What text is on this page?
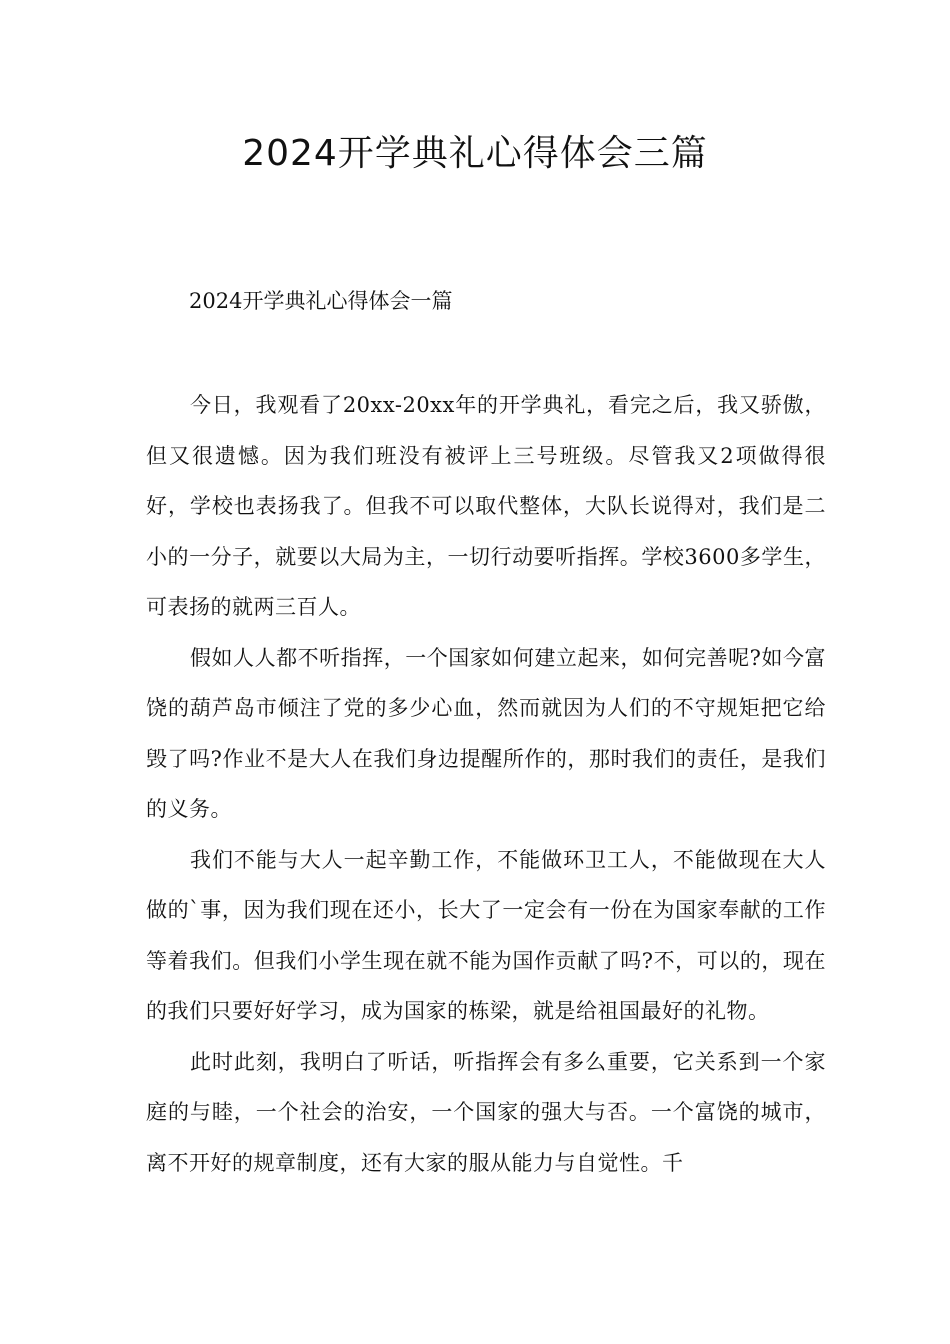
2024开学典礼心得体会三篇
2024开学典礼心得体会一篇

今日，我观看了20xx-20xx年的开学典礼，看完之后，我又骄傲，但又很遗憾。因为我们班没有被评上三号班级。尽管我又2项做得很好，学校也表扬我了。但我不可以取代整体，大队长说得对，我们是二小的一分子，就要以大局为主，一切行动要听指挥。学校3600多学生，可表扬的就两三百人。

假如人人都不听指挥，一个国家如何建立起来，如何完善呢?如今富饶的葫芦岛市倾注了党的多少心血，然而就因为人们的不守规矩把它给毁了吗?作业不是大人在我们身边提醒所作的，那时我们的责任，是我们的义务。

我们不能与大人一起辛勤工作，不能做环卫工人，不能做现在大人做的`事，因为我们现在还小，长大了一定会有一份在为国家奉献的工作等着我们。但我们小学生现在就不能为国作贡献了吗?不，可以的，现在的我们只要好好学习，成为国家的栋梁，就是给祖国最好的礼物。

此时此刻，我明白了听话，听指挥会有多么重要，它关系到一个家庭的与睦，一个社会的治安，一个国家的强大与否。一个富饶的城市，离不开好的规章制度，还有大家的服从能力与自觉性。千
